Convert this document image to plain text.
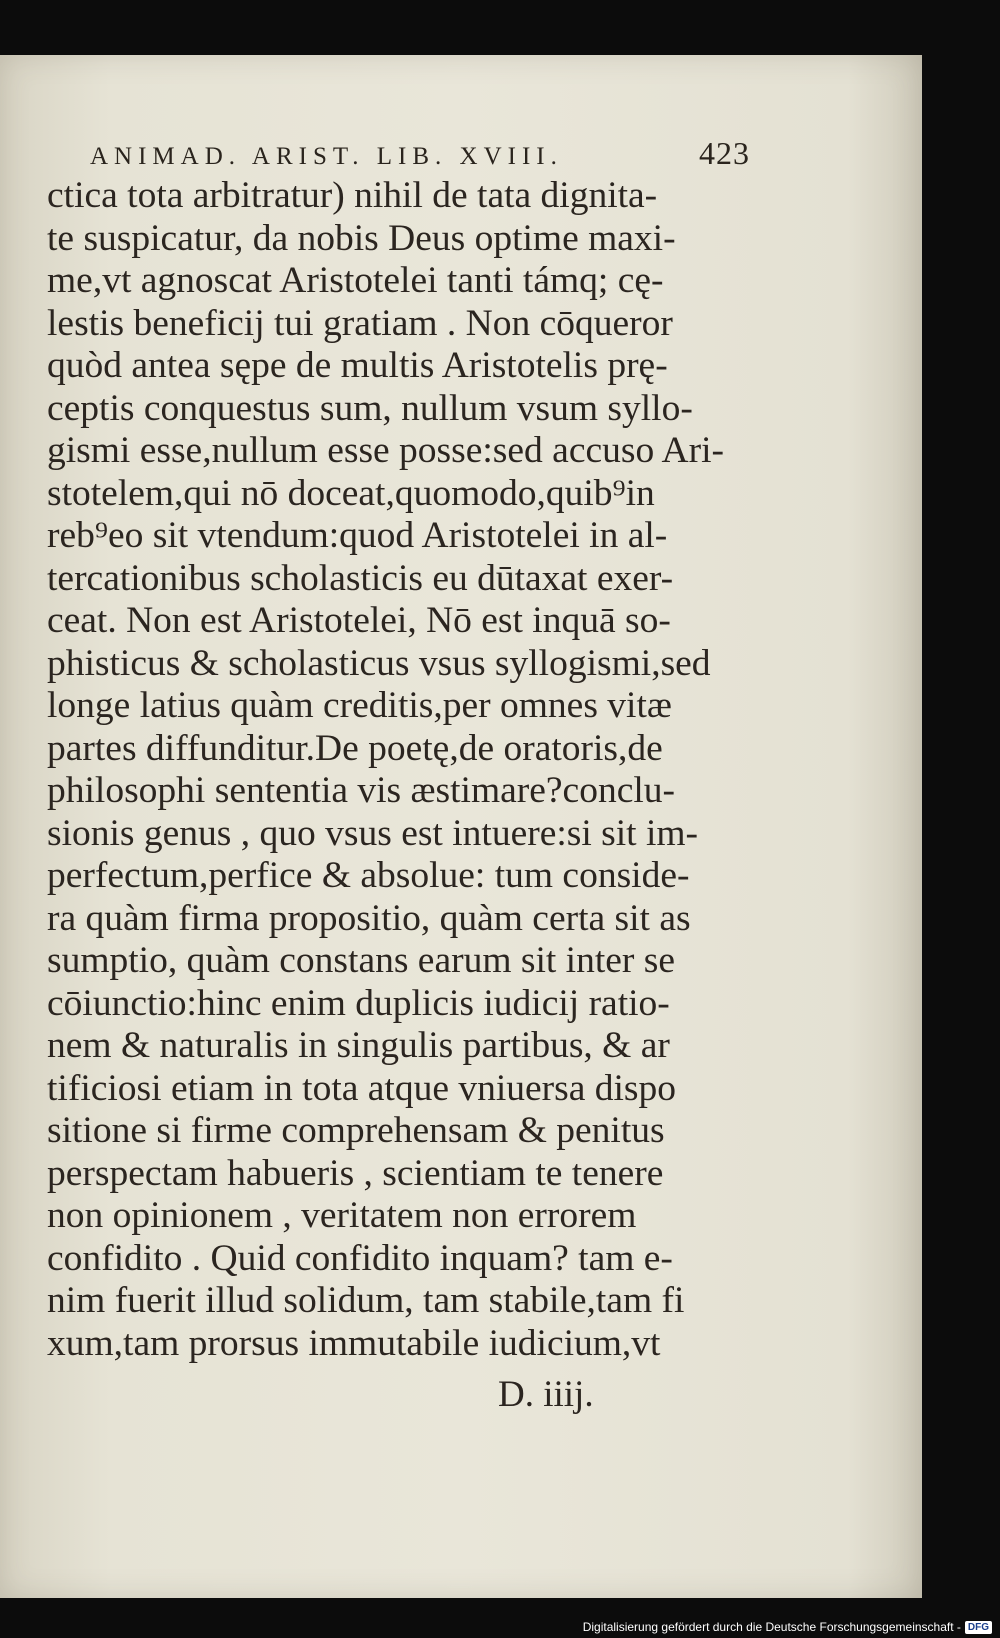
ANIMAD. ARIST. LIB. XVIII.	423
ctica tota arbitratur) nihil de tata dignita-
te suspicatur, da nobis Deus optime maxi-
me,vt agnoscat Aristotelei tanti támq; cę-
lestis beneficij tui gratiam . Non cōqueror
quòd antea sępe de multis Aristotelis prę-
ceptis conquestus sum, nullum vsum syllo-
gismi esse,nullum esse posse:sed accuso Ari-
stotelem,qui nō doceat,quomodo,quib⁹in
reb⁹eo sit vtendum:quod Aristotelei in al-
tercationibus scholasticis eu dūtaxat exer-
ceat. Non est Aristotelei, Nō est inquā so-
phisticus & scholasticus vsus syllogismi,sed
longe latius quàm creditis,per omnes vitæ
partes diffunditur.De poetę,de oratoris,de
philosophi sententia vis æstimare?conclu-
sionis genus , quo vsus est intuere:si sit im-
perfectum,perfice & absolue: tum conside-
ra quàm firma propositio, quàm certa sit as
sumptio, quàm constans earum sit inter se
cōiunctio:hinc enim duplicis iudicij ratio-
nem & naturalis in singulis partibus, & ar
tificiosi etiam in tota atque vniuersa dispo
sitione si firme comprehensam & penitus
perspectam habueris , scientiam te tenere
non opinionem , veritatem non errorem
confidito . Quid confidito inquam? tam e-
nim fuerit illud solidum, tam stabile,tam fi
xum,tam prorsus immutabile iudicium,vt
D. iiij.
Digitalisierung gefördert durch die Deutsche Forschungsgemeinschaft - DFG
